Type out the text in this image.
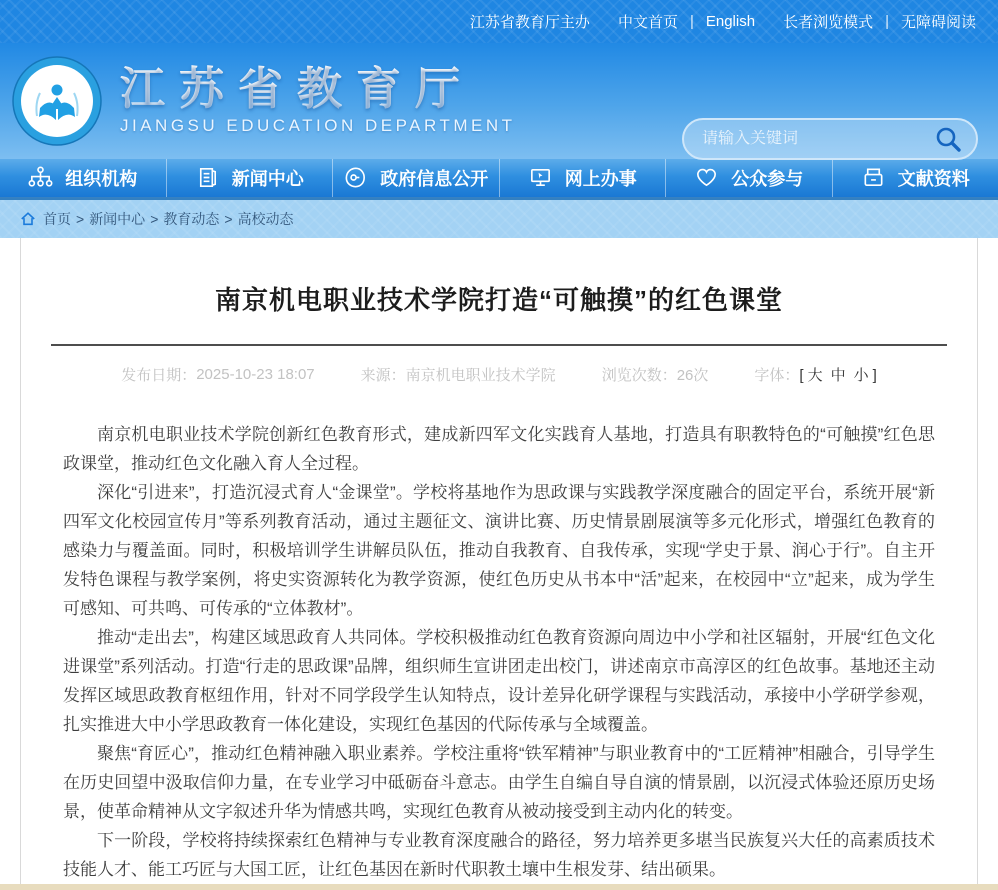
江苏省教育厅主办 中文首页 | English 长者浏览模式 | 无障碍阅读
江苏省教育厅
JIANGSU EDUCATION DEPARTMENT
请输入关键词
组织机构	新闻中心	政府信息公开	网上办事	公众参与	文献资料
首页 > 新闻中心 > 教育动态 > 高校动态
南京机电职业技术学院打造“可触摸”的红色课堂
发布日期： 2025-10-23 18:07	来源： 南京机电职业技术学院	浏览次数： 26次	字体： [ 大 中 小 ]

南京机电职业技术学院创新红色教育形式，建成新四军文化实践育人基地，打造具有职教特色的“可触摸”红色思政课堂，推动红色文化融入育人全过程。

深化“引进来”，打造沉浸式育人“金课堂”。学校将基地作为思政课与实践教学深度融合的固定平台，系统开展“新四军文化校园宣传月”等系列教育活动，通过主题征文、演讲比赛、历史情景剧展演等多元化形式，增强红色教育的感染力与覆盖面。同时，积极培训学生讲解员队伍，推动自我教育、自我传承，实现“学史于景、润心于行”。自主开发特色课程与教学案例，将史实资源转化为教学资源，使红色历史从书本中“活”起来，在校园中“立”起来，成为学生可感知、可共鸣、可传承的“立体教材”。

推动“走出去”，构建区域思政育人共同体。学校积极推动红色教育资源向周边中小学和社区辐射，开展“红色文化进课堂”系列活动。打造“行走的思政课”品牌，组织师生宣讲团走出校门，讲述南京市高淳区的红色故事。基地还主动发挥区域思政教育枢纽作用，针对不同学段学生认知特点，设计差异化研学课程与实践活动，承接中小学研学参观，扎实推进大中小学思政教育一体化建设，实现红色基因的代际传承与全域覆盖。

聚焦“育匠心”，推动红色精神融入职业素养。学校注重将“铁军精神”与职业教育中的“工匠精神”相融合，引导学生在历史回望中汲取信仰力量，在专业学习中砥砺奋斗意志。由学生自编自导自演的情景剧，以沉浸式体验还原历史场景，使革命精神从文字叙述升华为情感共鸣，实现红色教育从被动接受到主动内化的转变。

下一阶段，学校将持续探索红色精神与专业教育深度融合的路径，努力培养更多堪当民族复兴大任的高素质技术技能人才、能工巧匠与大国工匠，让红色基因在新时代职教土壤中生根发芽、结出硕果。
